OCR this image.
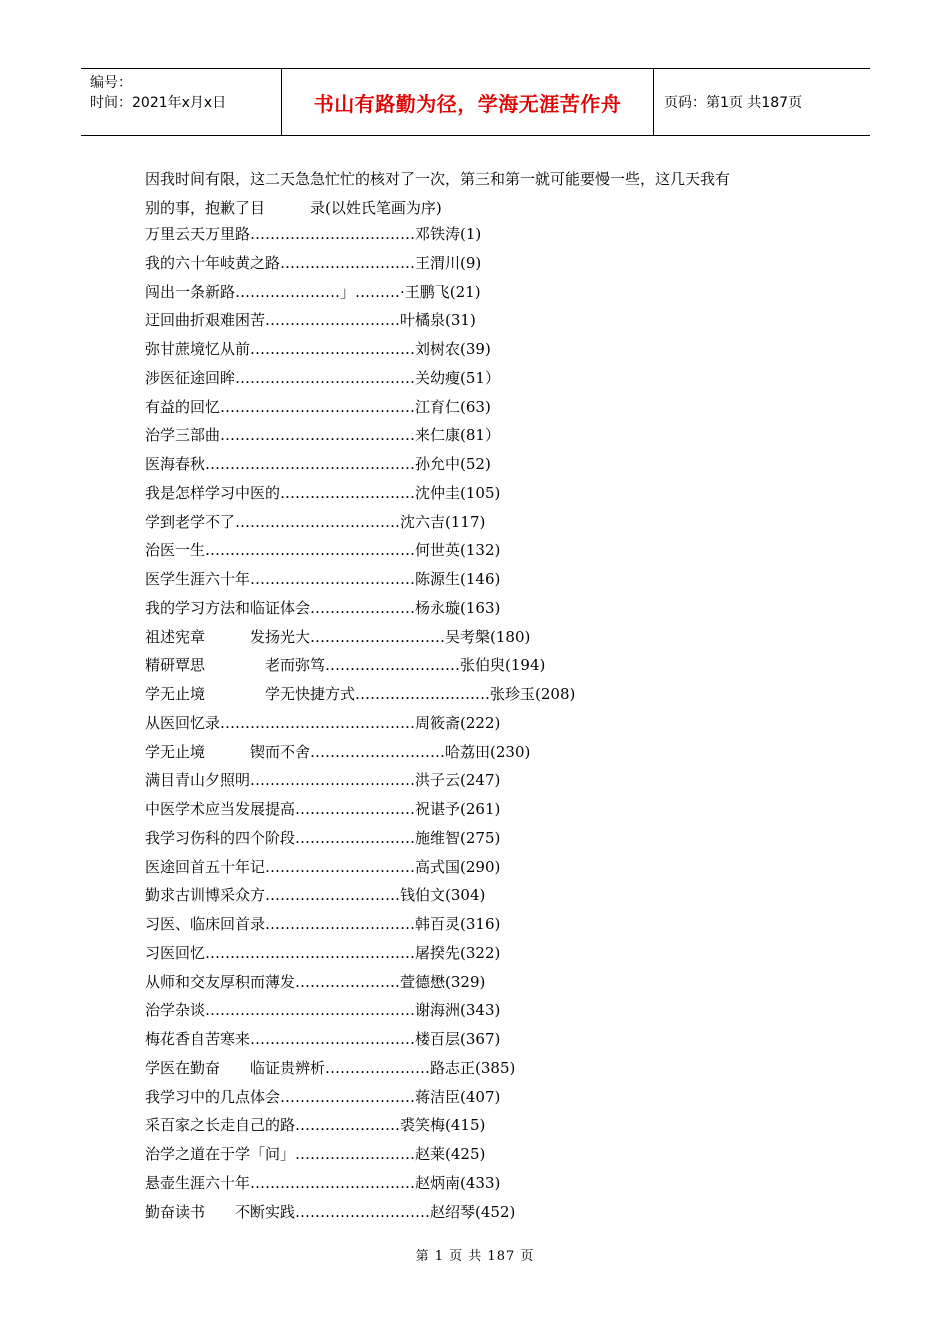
编号：
时间：2021年x月x日	书山有路勤为径，学海无涯苦作舟	页码：第1页 共187页
因我时间有限，这二天急急忙忙的核对了一次，第三和第一就可能要慢一些，这几天我有
别的事，抱歉了目　　　录(以姓氏笔画为序)
万里云天万里路……………………………邓铁涛(1)
我的六十年岐黄之路………………………王渭川(9)
闯出一条新路…………………」………·王鹏飞(21)
迂回曲折艰难困苦………………………叶橘泉(31)
弥甘蔗境忆从前……………………………刘树农(39)
涉医征途回眸………………………………关幼瘦(51）
有益的回忆…………………………………江育仁(63)
治学三部曲…………………………………来仁康(81）
医海春秋……………………………………孙允中(52)
我是怎样学习中医的………………………沈仲圭(105)
学到老学不了……………………………沈六吉(117)
治医一生……………………………………何世英(132)
医学生涯六十年……………………………陈源生(146)
我的学习方法和临证体会…………………杨永璇(163)
祖述宪章　　　发扬光大………………………吴考槃(180)
精研覃思　　　　老而弥笃………………………张伯臾(194)
学无止境　　　　学无快捷方式………………………张珍玉(208)
从医回忆录…………………………………周筱斋(222)
学无止境　　　锲而不舍………………………哈荔田(230)
满目青山夕照明……………………………洪子云(247)
中医学术应当发展提高……………………祝谌予(261)
我学习伤科的四个阶段……………………施维智(275)
医途回首五十年记…………………………高式国(290)
勤求古训博采众方………………………钱伯文(304)
习医、临床回首录…………………………韩百灵(316)
习医回忆……………………………………屠揆先(322)
从师和交友厚积而薄发…………………萱德懋(329)
治学杂谈……………………………………谢海洲(343)
梅花香自苦寒来……………………………楼百层(367)
学医在勤奋　　临证贵辨析…………………路志正(385)
我学习中的几点体会………………………蒋洁臣(407)
采百家之长走自己的路…………………裘笑梅(415)
治学之道在于学「问」……………………赵莱(425)
悬壶生涯六十年……………………………赵炳南(433)
勤奋读书　　不断实践………………………赵绍琴(452)
第 1 页 共 187 页
